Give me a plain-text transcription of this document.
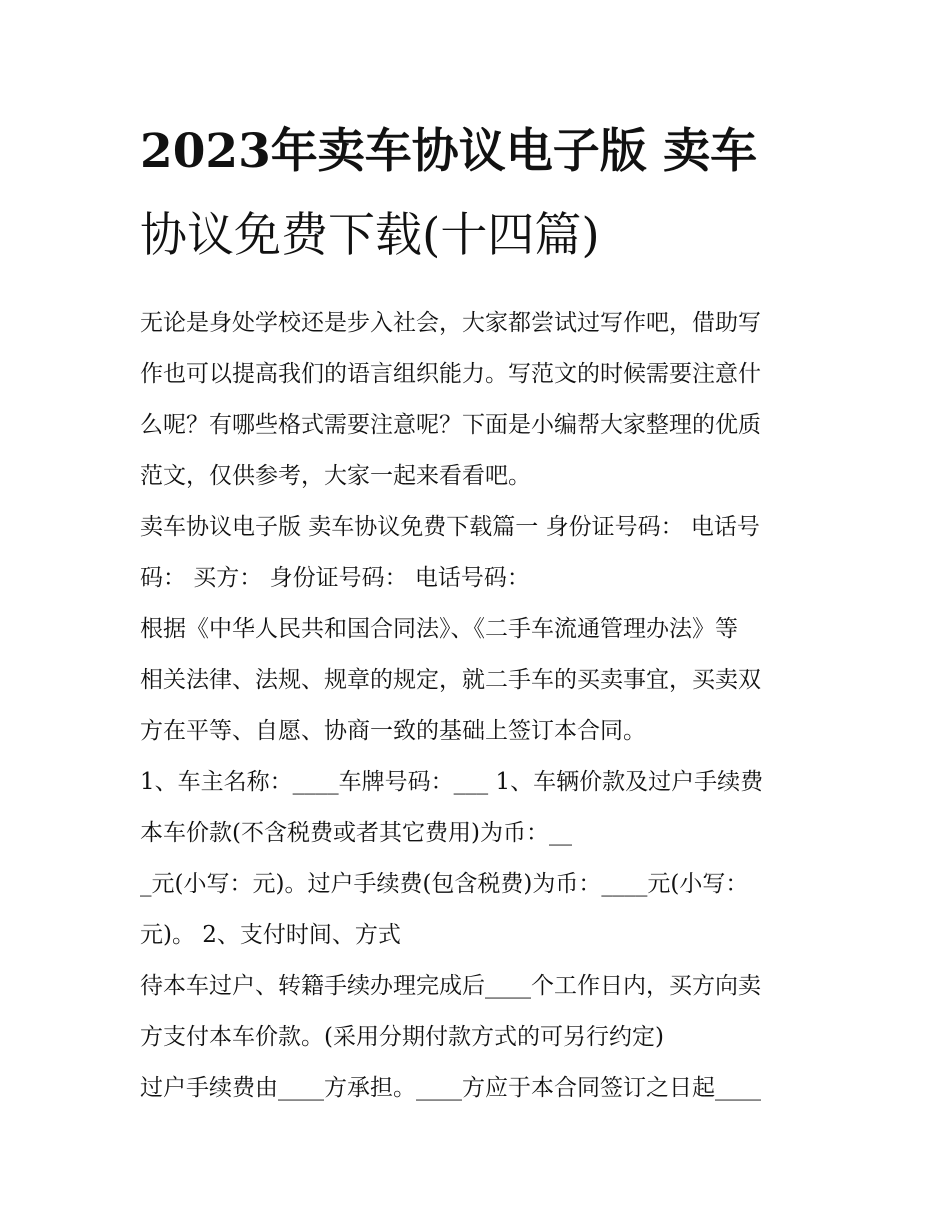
2023年卖车协议电子版 卖车
协议免费下载(十四篇)

无论是身处学校还是步入社会，大家都尝试过写作吧，借助写
作也可以提高我们的语言组织能力。写范文的时候需要注意什
么呢？有哪些格式需要注意呢？下面是小编帮大家整理的优质
范文，仅供参考，大家一起来看看吧。

卖车协议电子版 卖车协议免费下载篇一 身份证号码： 电话号
码： 买方： 身份证号码： 电话号码：

根据《中华人民共和国合同法》、《二手车流通管理办法》等
相关法律、法规、规章的规定，就二手车的买卖事宜，买卖双
方在平等、自愿、协商一致的基础上签订本合同。

1、车主名称：____车牌号码：___ 1、车辆价款及过户手续费
本车价款(不含税费或者其它费用)为币：__
_元(小写：元)。过户手续费(包含税费)为币：____元(小写：
元)。 2、支付时间、方式

待本车过户、转籍手续办理完成后____个工作日内，买方向卖
方支付本车价款。(采用分期付款方式的可另行约定)

过户手续费由____方承担。____方应于本合同签订之日起____
